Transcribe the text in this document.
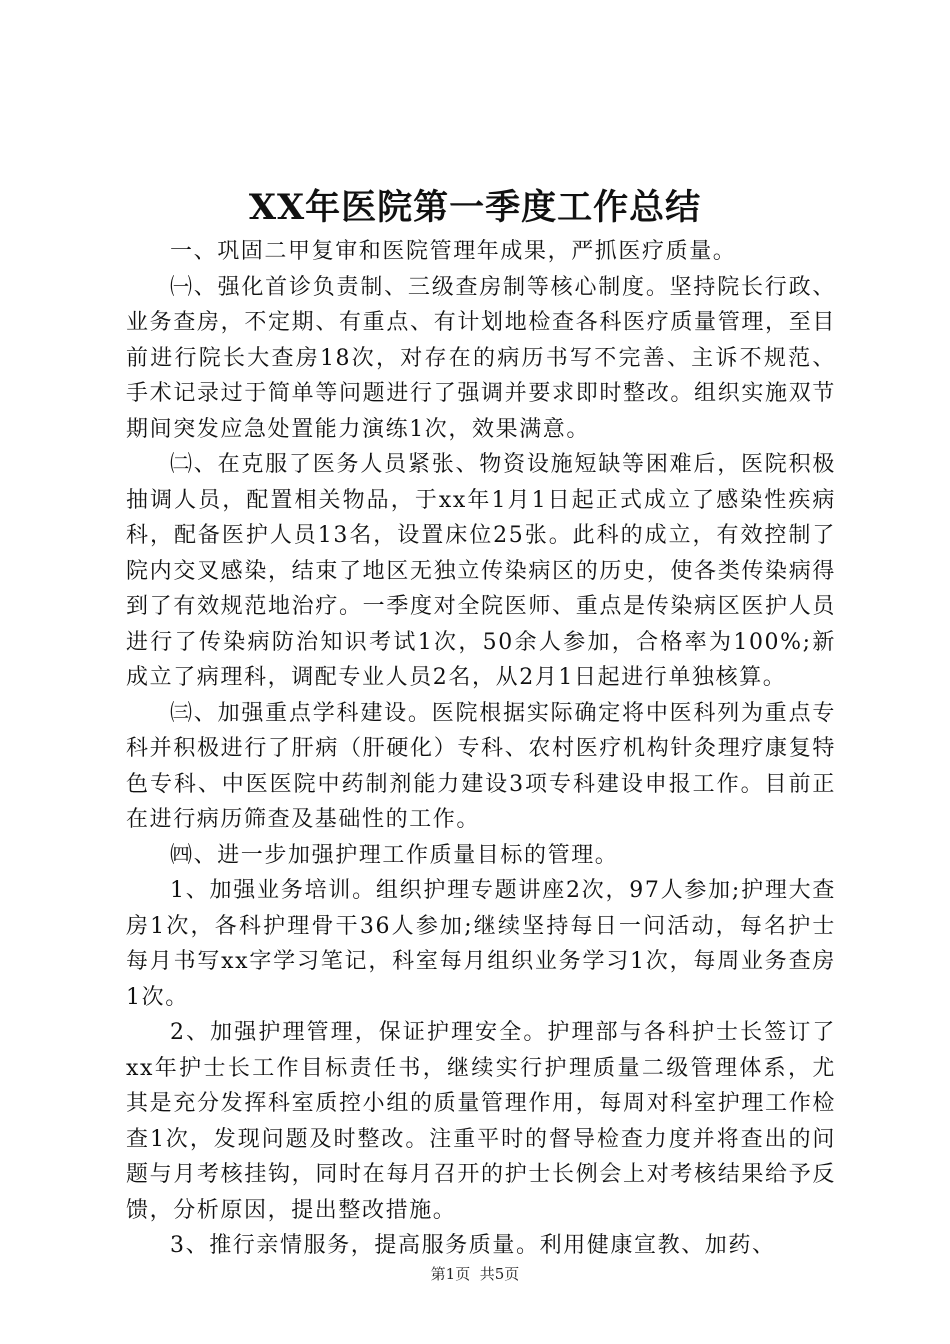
XX年医院第一季度工作总结

一、巩固二甲复审和医院管理年成果，严抓医疗质量。

㈠、强化首诊负责制、三级查房制等核心制度。坚持院长行政、业务查房，不定期、有重点、有计划地检查各科医疗质量管理，至目前进行院长大查房18次，对存在的病历书写不完善、主诉不规范、手术记录过于简单等问题进行了强调并要求即时整改。组织实施双节期间突发应急处置能力演练1次，效果满意。

㈡、在克服了医务人员紧张、物资设施短缺等困难后，医院积极抽调人员，配置相关物品，于xx年1月1日起正式成立了感染性疾病科，配备医护人员13名，设置床位25张。此科的成立，有效控制了院内交叉感染，结束了地区无独立传染病区的历史，使各类传染病得到了有效规范地治疗。一季度对全院医师、重点是传染病区医护人员进行了传染病防治知识考试1次，50余人参加，合格率为100%;新成立了病理科，调配专业人员2名，从2月1日起进行单独核算。

㈢、加强重点学科建设。医院根据实际确定将中医科列为重点专科并积极进行了肝病（肝硬化）专科、农村医疗机构针灸理疗康复特色专科、中医医院中药制剂能力建设3项专科建设申报工作。目前正在进行病历筛查及基础性的工作。

㈣、进一步加强护理工作质量目标的管理。

1、加强业务培训。组织护理专题讲座2次，97人参加;护理大查房1次，各科护理骨干36人参加;继续坚持每日一问活动，每名护士每月书写xx字学习笔记，科室每月组织业务学习1次，每周业务查房1次。

2、加强护理管理，保证护理安全。护理部与各科护士长签订了xx年护士长工作目标责任书，继续实行护理质量二级管理体系，尤其是充分发挥科室质控小组的质量管理作用，每周对科室护理工作检查1次，发现问题及时整改。注重平时的督导检查力度并将查出的问题与月考核挂钩，同时在每月召开的护士长例会上对考核结果给予反馈，分析原因，提出整改措施。

3、推行亲情服务，提高服务质量。利用健康宣教、加药、

第1页 共5页
